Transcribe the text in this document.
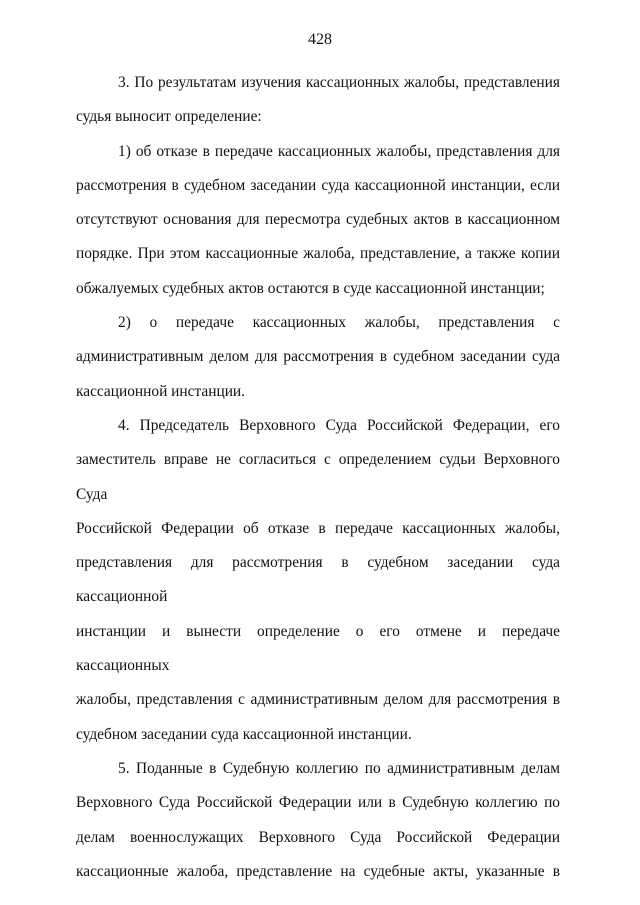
428

3. По результатам изучения кассационных жалобы, представления

судья выносит определение:

1) об отказе в передаче кассационных жалобы, представления для

рассмотрения в судебном заседании суда кассационной инстанции, если

отсутствуют основания для пересмотра судебных актов в кассационном

порядке. При этом кассационные жалоба, представление, а также копии

обжалуемых судебных актов остаются в суде кассационной инстанции;

2) о передаче кассационных жалобы, представления с

административным делом для рассмотрения в судебном заседании суда

кассационной инстанции.

4. Председатель Верховного Суда Российской Федерации, его

заместитель вправе не согласиться с определением судьи Верховного Суда

Российской Федерации об отказе в передаче кассационных жалобы,

представления для рассмотрения в судебном заседании суда кассационной

инстанции и вынести определение о его отмене и передаче кассационных

жалобы, представления с административным делом для рассмотрения в

судебном заседании суда кассационной инстанции.

5. Поданные в Судебную коллегию по административным делам

Верховного Суда Российской Федерации или в Судебную коллегию по

делам военнослужащих Верховного Суда Российской Федерации

кассационные жалоба, представление на судебные акты, указанные в
